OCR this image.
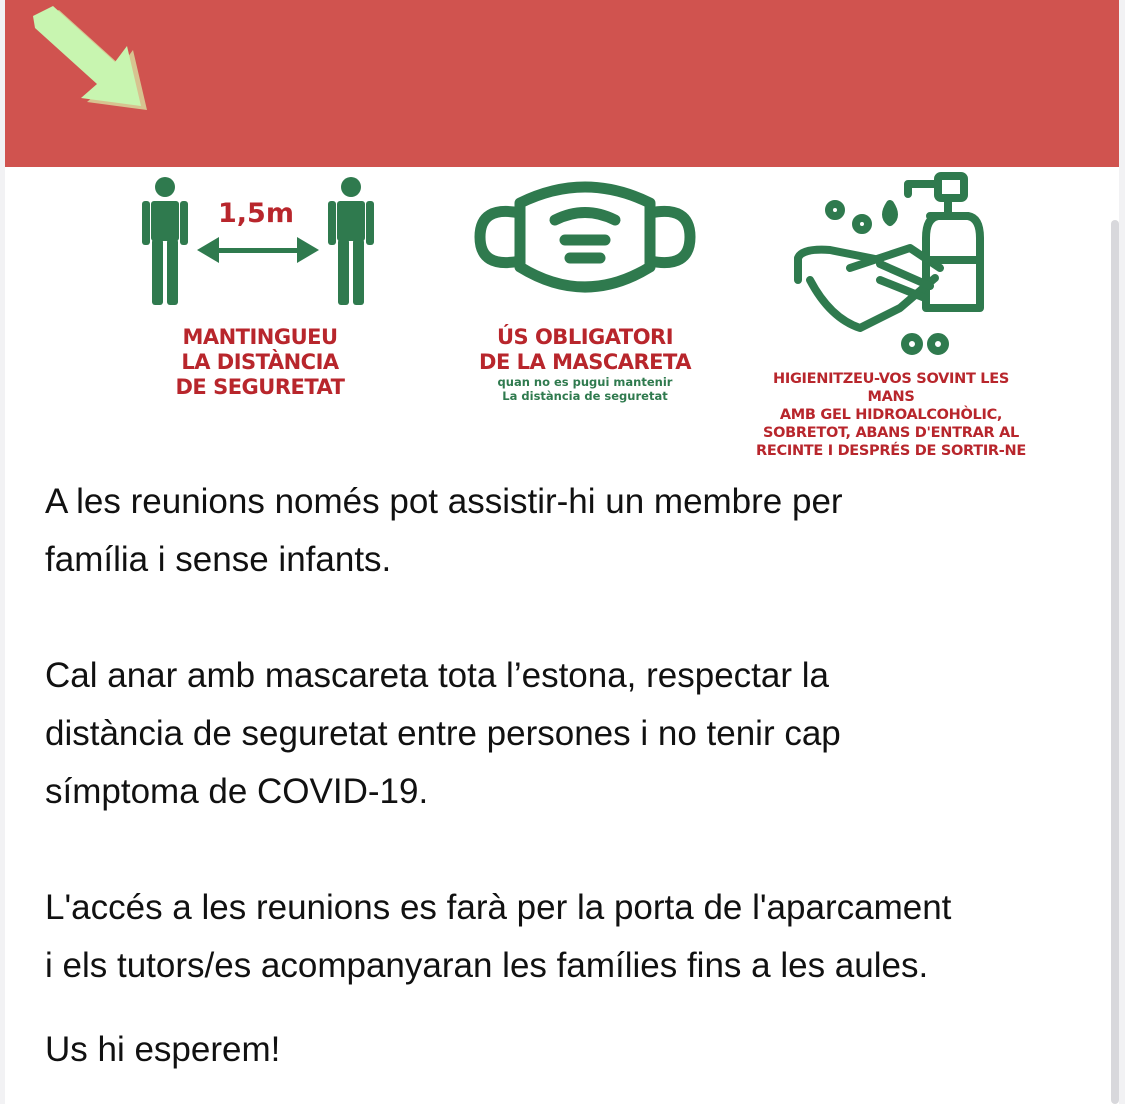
1,5m
MANTINGUEU
LA DISTÀNCIA
DE SEGURETAT
ÚS OBLIGATORI
DE LA MASCARETA
quan no es pugui mantenir
La distància de seguretat
HIGIENITZEU-VOS SOVINT LES MANS
AMB GEL HIDROALCOHÒLIC,
SOBRETOT, ABANS D'ENTRAR AL
RECINTE I DESPRÉS DE SORTIR-NE
A les reunions només pot assistir-hi un membre per
família i sense infants.
Cal anar amb mascareta tota l’estona, respectar la
distància de seguretat entre persones i no tenir cap
símptoma de COVID-19.
L'accés a les reunions es farà per la porta de l'aparcament
i els tutors/es acompanyaran les famílies fins a les aules.
Us hi esperem!
